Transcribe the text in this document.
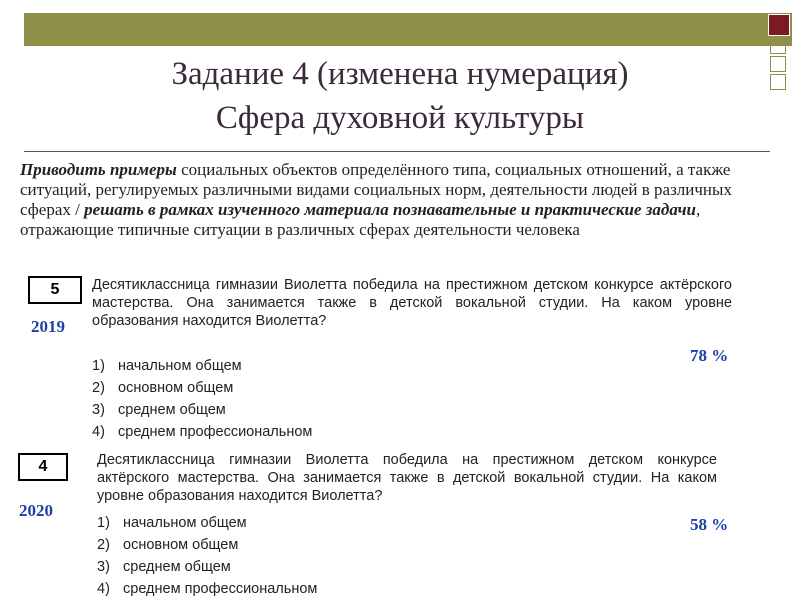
Задание 4 (изменена нумерация)
Сфера духовной культуры
Приводить примеры социальных объектов определённого типа, социальных отношений, а также ситуаций, регулируемых различными видами социальных норм, деятельности людей в различных сферах / решать в рамках изученного материала познавательные и практические задачи, отражающие типичные ситуации в различных сферах деятельности человека
5
2019
Десятиклассница гимназии Виолетта победила на престижном детском конкурсе актёрского мастерства. Она занимается также в детской вокальной студии. На каком уровне образования находится Виолетта?
1) начальном общем
2) основном общем
3) среднем общем
4) среднем профессиональном
78 %
4
2020
Десятиклассница гимназии Виолетта победила на престижном детском конкурсе актёрского мастерства. Она занимается также в детской вокальной студии. На каком уровне образования находится Виолетта?
1) начальном общем
2) основном общем
3) среднем общем
4) среднем профессиональном
58 %
